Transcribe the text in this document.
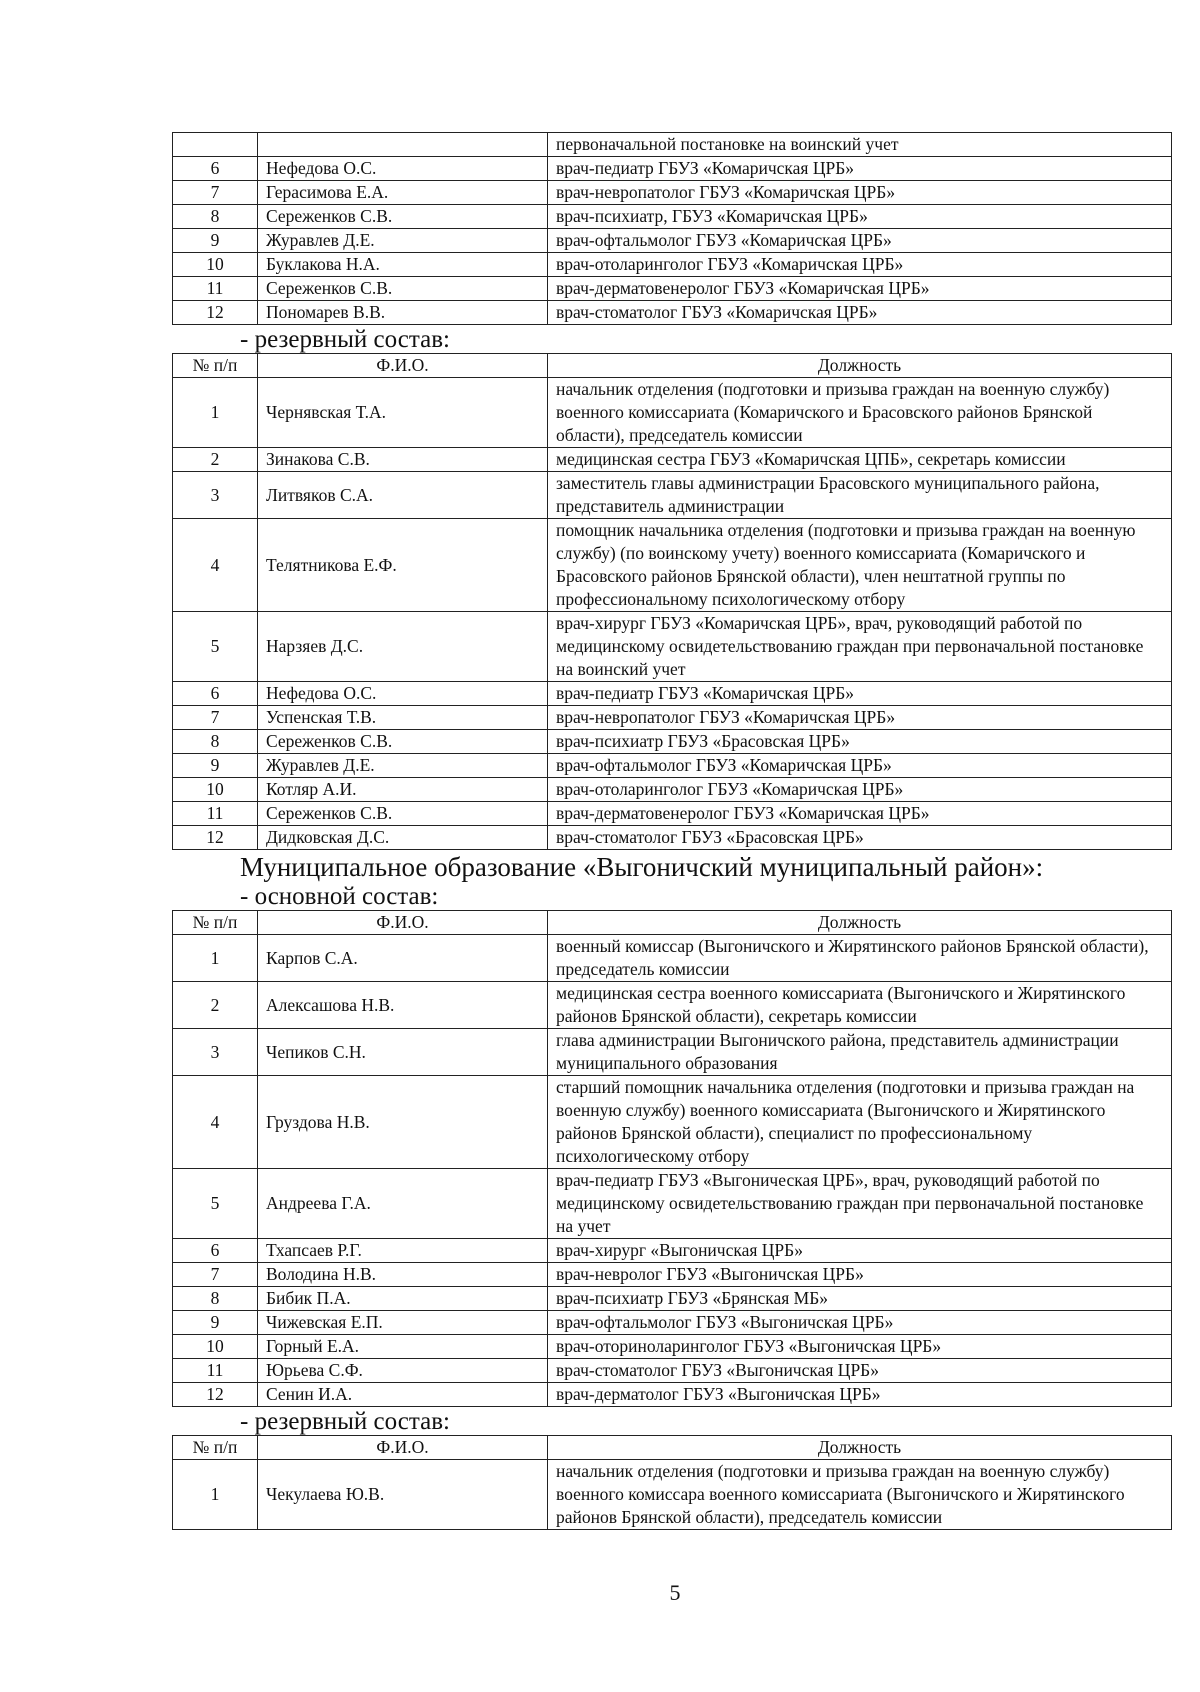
		первоначальной постановке на воинский учет
6	Нефедова О.С.	врач-педиатр ГБУЗ «Комаричская ЦРБ»
7	Герасимова Е.А.	врач-невропатолог ГБУЗ «Комаричская ЦРБ»
8	Сереженков С.В.	врач-психиатр, ГБУЗ «Комаричская ЦРБ»
9	Журавлев Д.Е.	врач-офтальмолог ГБУЗ «Комаричская ЦРБ»
10	Буклакова Н.А.	врач-отоларинголог ГБУЗ «Комаричская ЦРБ»
11	Сереженков С.В.	врач-дерматовенеролог ГБУЗ «Комаричская ЦРБ»
12	Пономарев В.В.	врач-стоматолог ГБУЗ «Комаричская ЦРБ»
- резервный состав:
№ п/п	Ф.И.О.	Должность
1	Чернявская Т.А.	начальник отделения (подготовки и призыва граждан на военную службу) военного комиссариата (Комаричского и Брасовского районов Брянской области), председатель комиссии
2	Зинакова С.В.	медицинская сестра ГБУЗ «Комаричская ЦПБ», секретарь комиссии
3	Литвяков С.А.	заместитель главы администрации Брасовского муниципального района, представитель администрации
4	Телятникова Е.Ф.	помощник начальника отделения (подготовки и призыва граждан на военную службу) (по воинскому учету) военного комиссариата (Комаричского и Брасовского районов Брянской области), член нештатной группы по профессиональному психологическому отбору
5	Нарзяев Д.С.	врач-хирург ГБУЗ «Комаричская ЦРБ», врач, руководящий работой по медицинскому освидетельствованию граждан при первоначальной постановке на воинский учет
6	Нефедова О.С.	врач-педиатр ГБУЗ «Комаричская ЦРБ»
7	Успенская Т.В.	врач-невропатолог ГБУЗ «Комаричская ЦРБ»
8	Сереженков С.В.	врач-психиатр ГБУЗ «Брасовская ЦРБ»
9	Журавлев Д.Е.	врач-офтальмолог ГБУЗ «Комаричская ЦРБ»
10	Котляр А.И.	врач-отоларинголог ГБУЗ «Комаричская ЦРБ»
11	Сереженков С.В.	врач-дерматовенеролог ГБУЗ «Комаричская ЦРБ»
12	Дидковская Д.С.	врач-стоматолог ГБУЗ «Брасовская ЦРБ»
Муниципальное образование «Выгоничский муниципальный район»:
- основной состав:
№ п/п	Ф.И.О.	Должность
1	Карпов С.А.	военный комиссар (Выгоничского и Жирятинского районов Брянской области), председатель комиссии
2	Алексашова Н.В.	медицинская сестра военного комиссариата (Выгоничского и Жирятинского районов Брянской области), секретарь комиссии
3	Чепиков С.Н.	глава администрации Выгоничского района, представитель администрации муниципального образования
4	Груздова Н.В.	старший помощник начальника отделения (подготовки и призыва граждан на военную службу) военного комиссариата (Выгоничского и Жирятинского районов Брянской области), специалист по профессиональному психологическому отбору
5	Андреева Г.А.	врач-педиатр ГБУЗ «Выгоническая ЦРБ», врач, руководящий работой по медицинскому освидетельствованию граждан при первоначальной постановке на учет
6	Тхапсаев Р.Г.	врач-хирург «Выгоничская ЦРБ»
7	Володина Н.В.	врач-невролог ГБУЗ «Выгоничская ЦРБ»
8	Бибик П.А.	врач-психиатр ГБУЗ «Брянская МБ»
9	Чижевская Е.П.	врач-офтальмолог ГБУЗ «Выгоничская ЦРБ»
10	Горный Е.А.	врач-оториноларинголог ГБУЗ «Выгоничская ЦРБ»
11	Юрьева С.Ф.	врач-стоматолог ГБУЗ «Выгоничская ЦРБ»
12	Сенин И.А.	врач-дерматолог ГБУЗ «Выгоничская ЦРБ»
- резервный состав:
№ п/п	Ф.И.О.	Должность
1	Чекулаева Ю.В.	начальник отделения (подготовки и призыва граждан на военную службу) военного комиссара военного комиссариата (Выгоничского и Жирятинского районов Брянской области), председатель комиссии
5
